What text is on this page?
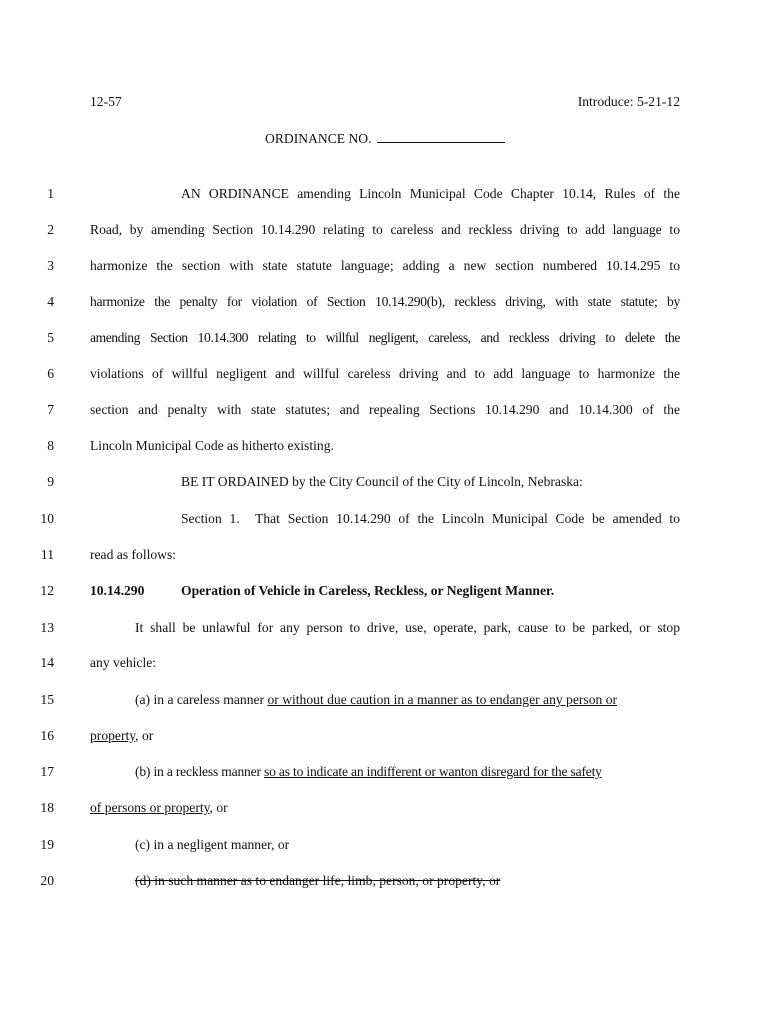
12-57	Introduce: 5-21-12
ORDINANCE NO.
1	AN ORDINANCE amending Lincoln Municipal Code Chapter 10.14, Rules of the
2	Road, by amending Section 10.14.290 relating to careless and reckless driving to add language to
3	harmonize the section with state statute language; adding a new section numbered 10.14.295 to
4	harmonize the penalty for violation of Section 10.14.290(b), reckless driving, with state statute; by
5	amending Section 10.14.300 relating to willful negligent, careless, and reckless driving to delete the
6	violations of willful negligent and willful careless driving and to add language to harmonize the
7	section and penalty with state statutes; and repealing Sections 10.14.290 and 10.14.300 of the
8	Lincoln Municipal Code as hitherto existing.
9	BE IT ORDAINED by the City Council of the City of Lincoln, Nebraska:
10	Section 1.  That Section 10.14.290 of the Lincoln Municipal Code be amended to
11	read as follows:
12	10.14.290	Operation of Vehicle in Careless, Reckless, or Negligent Manner.
13	It shall be unlawful for any person to drive, use, operate, park, cause to be parked, or stop
14	any vehicle:
15	(a) in a careless manner or without due caution in a manner as to endanger any person or
16	property, or
17	(b) in a reckless manner so as to indicate an indifferent or wanton disregard for the safety
18	of persons or property, or
19	(c) in a negligent manner, or
20	(d) in such manner as to endanger life, limb, person, or property, or
